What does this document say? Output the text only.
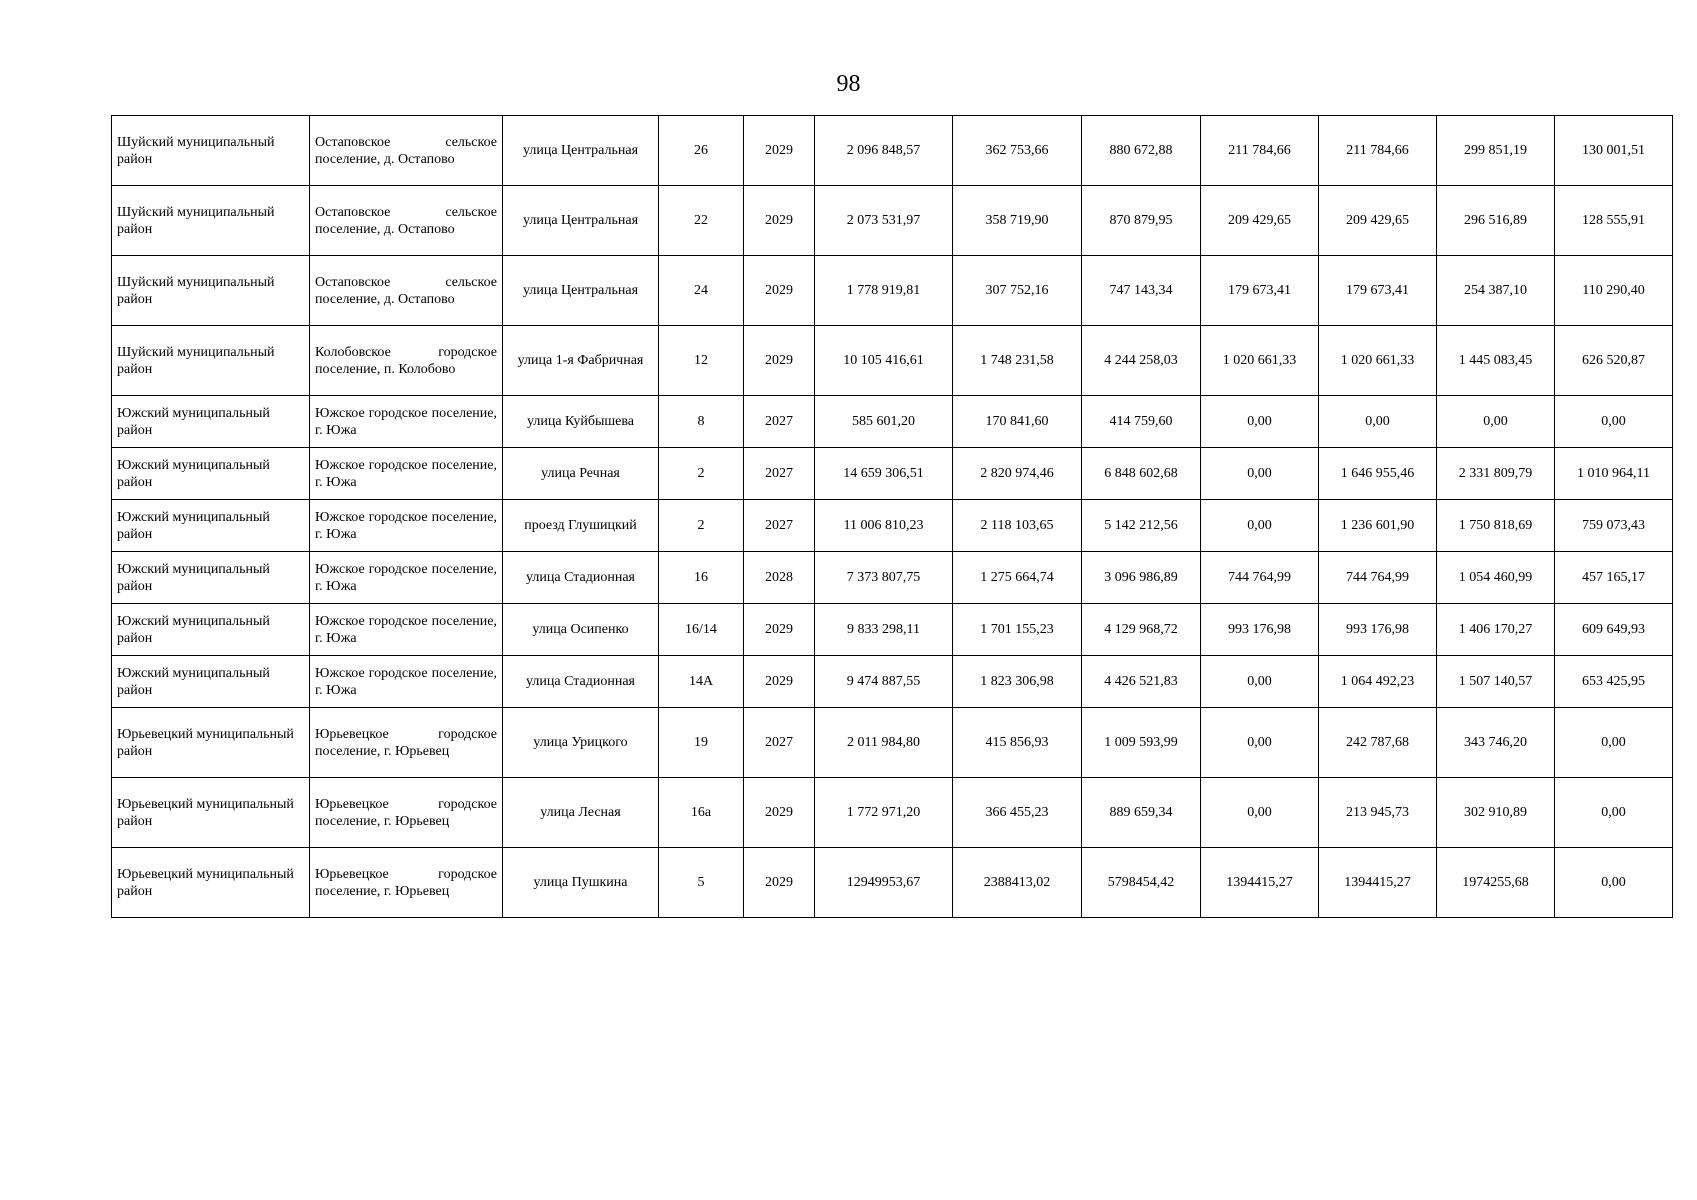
98
Шуйский муниципальный район	Остаповское сельское поселение, д. Остапово	улица Центральная	26	2029	2 096 848,57	362 753,66	880 672,88	211 784,66	211 784,66	299 851,19	130 001,51
Шуйский муниципальный район	Остаповское сельское поселение, д. Остапово	улица Центральная	22	2029	2 073 531,97	358 719,90	870 879,95	209 429,65	209 429,65	296 516,89	128 555,91
Шуйский муниципальный район	Остаповское сельское поселение, д. Остапово	улица Центральная	24	2029	1 778 919,81	307 752,16	747 143,34	179 673,41	179 673,41	254 387,10	110 290,40
Шуйский муниципальный район	Колобовское городское поселение, п. Колобово	улица 1-я Фабричная	12	2029	10 105 416,61	1 748 231,58	4 244 258,03	1 020 661,33	1 020 661,33	1 445 083,45	626 520,87
Южский муниципальный район	Южское городское поселение, г. Южа	улица Куйбышева	8	2027	585 601,20	170 841,60	414 759,60	0,00	0,00	0,00	0,00
Южский муниципальный район	Южское городское поселение, г. Южа	улица Речная	2	2027	14 659 306,51	2 820 974,46	6 848 602,68	0,00	1 646 955,46	2 331 809,79	1 010 964,11
Южский муниципальный район	Южское городское поселение, г. Южа	проезд Глушицкий	2	2027	11 006 810,23	2 118 103,65	5 142 212,56	0,00	1 236 601,90	1 750 818,69	759 073,43
Южский муниципальный район	Южское городское поселение, г. Южа	улица Стадионная	16	2028	7 373 807,75	1 275 664,74	3 096 986,89	744 764,99	744 764,99	1 054 460,99	457 165,17
Южский муниципальный район	Южское городское поселение, г. Южа	улица Осипенко	16/14	2029	9 833 298,11	1 701 155,23	4 129 968,72	993 176,98	993 176,98	1 406 170,27	609 649,93
Южский муниципальный район	Южское городское поселение, г. Южа	улица Стадионная	14А	2029	9 474 887,55	1 823 306,98	4 426 521,83	0,00	1 064 492,23	1 507 140,57	653 425,95
Юрьевецкий муниципальный район	Юрьевецкое городское поселение, г. Юрьевец	улица Урицкого	19	2027	2 011 984,80	415 856,93	1 009 593,99	0,00	242 787,68	343 746,20	0,00
Юрьевецкий муниципальный район	Юрьевецкое городское поселение, г. Юрьевец	улица Лесная	16а	2029	1 772 971,20	366 455,23	889 659,34	0,00	213 945,73	302 910,89	0,00
Юрьевецкий муниципальный район	Юрьевецкое городское поселение, г. Юрьевец	улица Пушкина	5	2029	12949953,67	2388413,02	5798454,42	1394415,27	1394415,27	1974255,68	0,00
